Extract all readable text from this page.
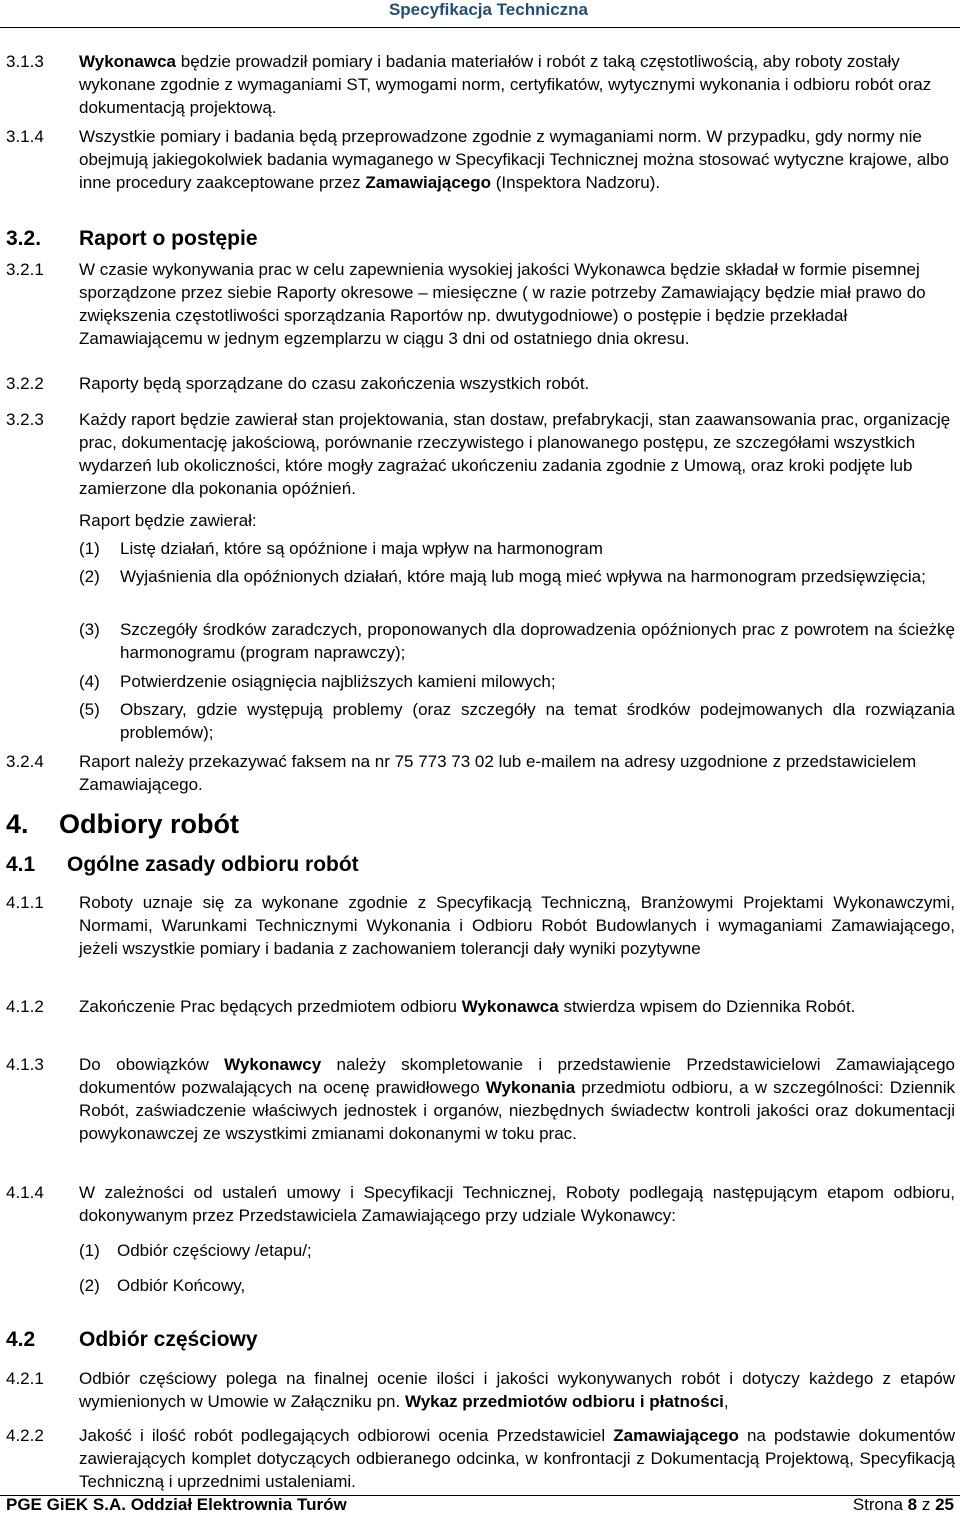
Specyfikacja Techniczna
3.1.3 Wykonawca będzie prowadził pomiary i badania materiałów i robót z taką częstotliwością, aby roboty zostały wykonane zgodnie z wymaganiami ST, wymogami norm, certyfikatów, wytycznymi wykonania i odbioru robót oraz dokumentacją projektową.

3.1.4 Wszystkie pomiary i badania będą przeprowadzone zgodnie z wymaganiami norm. W przypadku, gdy normy nie obejmują jakiegokolwiek badania wymaganego w Specyfikacji Technicznej można stosować wytyczne krajowe, albo inne procedury zaakceptowane przez Zamawiającego (Inspektora Nadzoru).

3.2. Raport o postępie
3.2.1 W czasie wykonywania prac w celu zapewnienia wysokiej jakości Wykonawca będzie składał w formie pisemnej sporządzone przez siebie Raporty okresowe – miesięczne ( w razie potrzeby Zamawiający będzie miał prawo do zwiększenia częstotliwości sporządzania Raportów np. dwutygodniowe) o postępie i będzie przekładał Zamawiającemu w jednym egzemplarzu w ciągu 3 dni od ostatniego dnia okresu.

3.2.2 Raporty będą sporządzane do czasu zakończenia wszystkich robót.

3.2.3 Każdy raport będzie zawierał stan projektowania, stan dostaw, prefabrykacji, stan zaawansowania prac, organizację prac, dokumentację jakościową, porównanie rzeczywistego i planowanego postępu, ze szczegółami wszystkich wydarzeń lub okoliczności, które mogły zagrażać ukończeniu zadania zgodnie z Umową, oraz kroki podjęte lub zamierzone dla pokonania opóźnień.

Raport będzie zawierał:

(1) Listę działań, które są opóźnione i maja wpływ na harmonogram

(2) Wyjaśnienia dla opóźnionych działań, które mają lub mogą mieć wpływa na harmonogram przedsięwzięcia;

(3) Szczegóły środków zaradczych, proponowanych dla doprowadzenia opóźnionych prac z powrotem na ścieżkę harmonogramu (program naprawczy);

(4) Potwierdzenie osiągnięcia najbliższych kamieni milowych;

(5) Obszary, gdzie występują problemy (oraz szczegóły na temat środków podejmowanych dla rozwiązania problemów);

3.2.4 Raport należy przekazywać faksem na nr 75 773 73 02 lub e-mailem na adresy uzgodnione z przedstawicielem Zamawiającego.

4. Odbiory robót
4.1 Ogólne zasady odbioru robót
4.1.1 Roboty uznaje się za wykonane zgodnie z Specyfikacją Techniczną, Branżowymi Projektami Wykonawczymi, Normami, Warunkami Technicznymi Wykonania i Odbioru Robót Budowlanych i wymaganiami Zamawiającego, jeżeli wszystkie pomiary i badania z zachowaniem tolerancji dały wyniki pozytywne

4.1.2 Zakończenie Prac będących przedmiotem odbioru Wykonawca stwierdza wpisem do Dziennika Robót.

4.1.3 Do obowiązków Wykonawcy należy skompletowanie i przedstawienie Przedstawicielowi Zamawiającego dokumentów pozwalających na ocenę prawidłowego Wykonania przedmiotu odbioru, a w szczególności: Dziennik Robót, zaświadczenie właściwych jednostek i organów, niezbędnych świadectw kontroli jakości oraz dokumentacji powykonawczej ze wszystkimi zmianami dokonanymi w toku prac.

4.1.4 W zależności od ustaleń umowy i Specyfikacji Technicznej, Roboty podlegają następującym etapom odbioru, dokonywanym przez Przedstawiciela Zamawiającego przy udziale Wykonawcy:

(1) Odbiór częściowy /etapu/;

(2) Odbiór Końcowy,

4.2 Odbiór częściowy
4.2.1 Odbiór częściowy polega na finalnej ocenie ilości i jakości wykonywanych robót i dotyczy każdego z etapów wymienionych w Umowie w Załączniku pn. Wykaz przedmiotów odbioru i płatności,

4.2.2 Jakość i ilość robót podlegających odbiorowi ocenia Przedstawiciel Zamawiającego na podstawie dokumentów zawierających komplet dotyczących odbieranego odcinka, w konfrontacji z Dokumentacją Projektową, Specyfikacją Techniczną i uprzednimi ustaleniami.

PGE GiEK S.A. Oddział Elektrownia Turów	Strona 8 z 25
